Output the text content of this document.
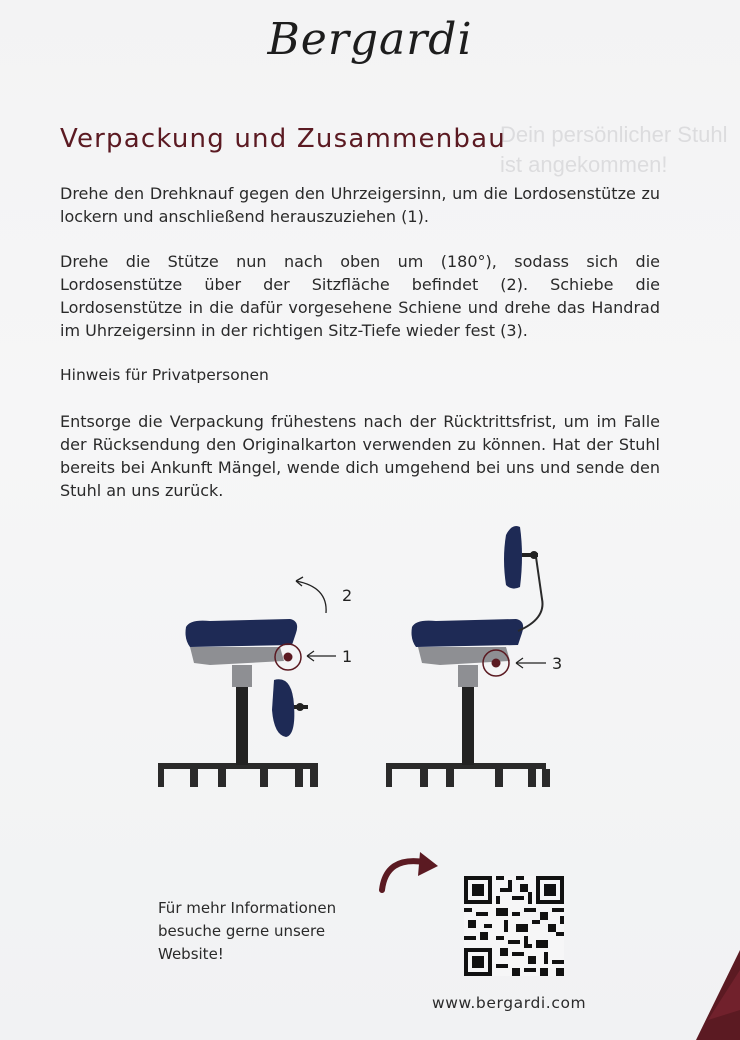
Dein persönlicher Stuhl ist angekommen!
Bergardi
Verpackung und Zusammenbau
Drehe den Drehknauf gegen den Uhrzeigersinn, um die Lordosenstütze zu lockern und anschließend herauszuziehen (1).
Drehe die Stütze nun nach oben um (180°), sodass sich die Lordosenstütze über der Sitzfläche befindet (2). Schiebe die Lordosenstütze in die dafür vorgesehene Schiene und drehe das Handrad im Uhrzeigersinn in der richtigen Sitz-Tiefe wieder fest (3).
Hinweis für Privatpersonen
Entsorge die Verpackung frühestens nach der Rücktrittsfrist, um im Falle der Rücksendung den Originalkarton verwenden zu können. Hat der Stuhl bereits bei Ankunft Mängel, wende dich umgehend bei uns und sende den Stuhl an uns zurück.
1
2
3
Für mehr Informationen besuche gerne unsere Website!
www.bergardi.com
